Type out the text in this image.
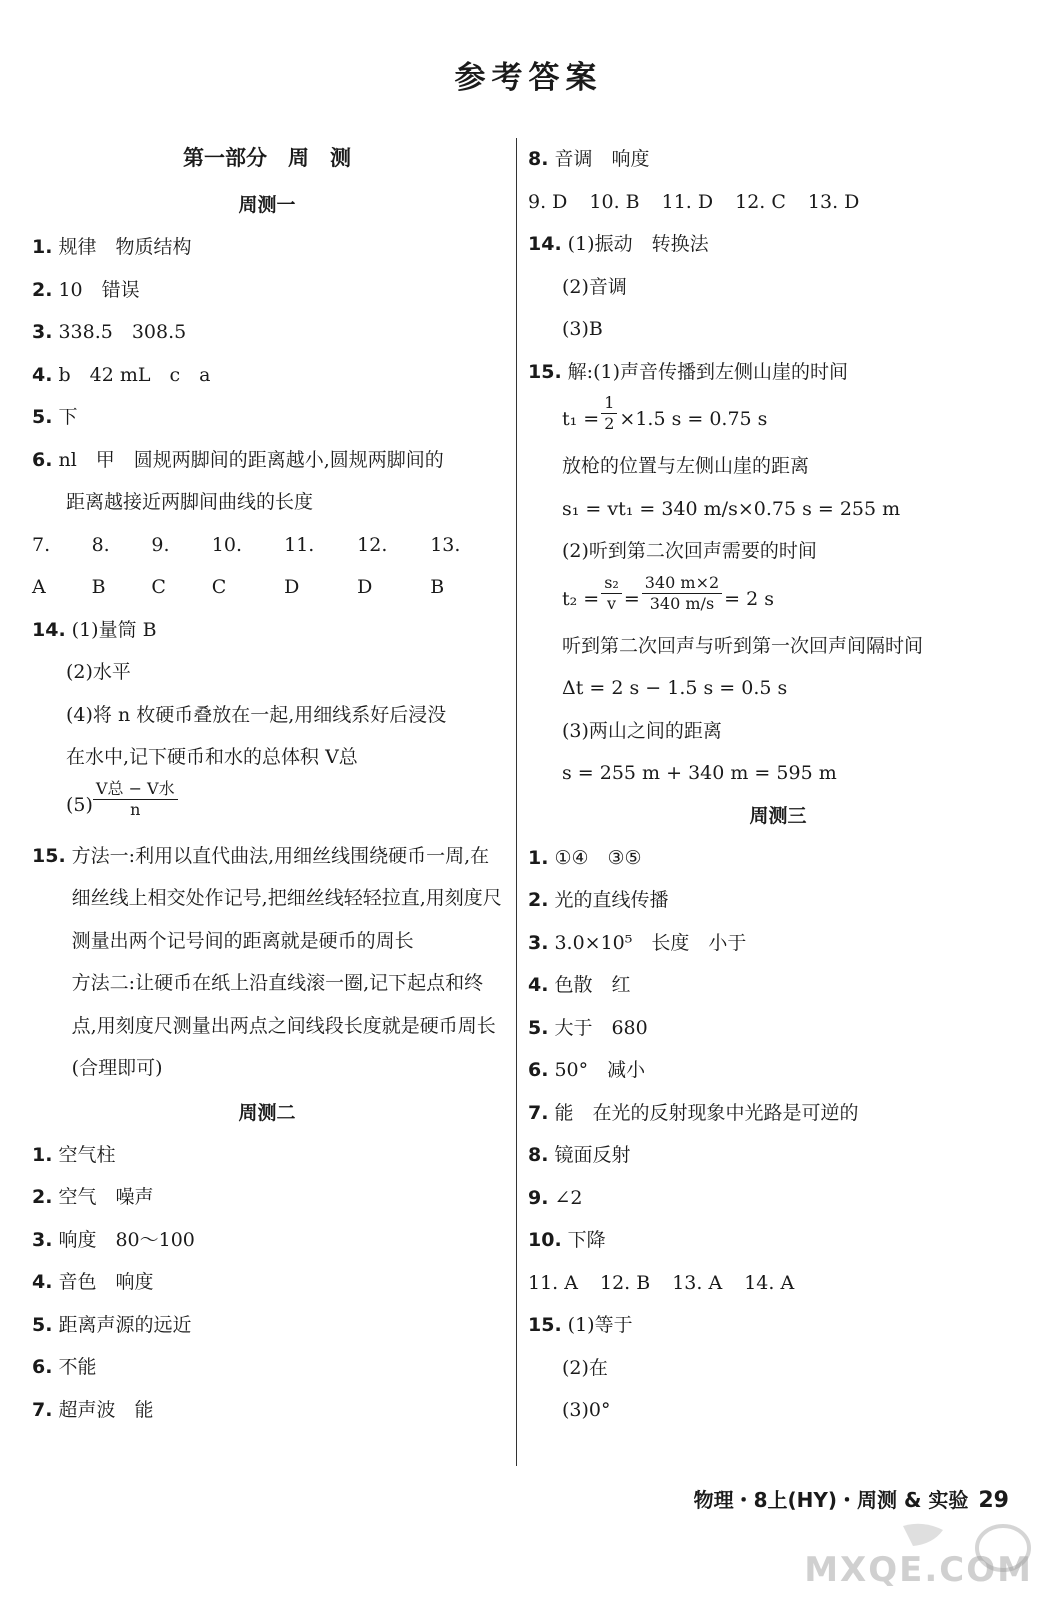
参考答案
第一部分　周　测
周测一
1. 规律　物质结构
2. 10　错误
3. 338.5　308.5
4. b　42 mL　c　a
5. 下
6. nl　甲　圆规两脚间的距离越小,圆规两脚间的
距离越接近两脚间曲线的长度
7. A
8. B
9. C
10. C
11. D
12. D
13. B
14. (1)量筒 B
(2)水平
(4)将 n 枚硬币叠放在一起,用细线系好后浸没
在水中,记下硬币和水的总体积 V总
$(5) \frac{\text{V总 − V水}}{n}$
15. 方法一:利用以直代曲法,用细丝线围绕硬币一周,在细丝线上相交处作记号,把细丝线轻轻拉直,用刻度尺测量出两个记号间的距离就是硬币的周长
方法二:让硬币在纸上沿直线滚一圈,记下起点和终点,用刻度尺测量出两点之间线段长度就是硬币周长(合理即可)
周测二
1. 空气柱
2. 空气　噪声
3. 响度　80～100
4. 音色　响度
5. 距离声源的远近
6. 不能
7. 超声波　能
8. 音调　响度
9. D 10. B 11. D 12. C 13. D
14. (1)振动　转换法
(2)音调
(3)B
15. 解:(1)声音传播到左侧山崖的时间
$t_1 = \frac{1}{2} \times 1.5$ s = 0.75 s
放枪的位置与左侧山崖的距离
s₁ = vt₁ = 340 m/s×0.75 s = 255 m
(2)听到第二次回声需要的时间
$t_2 = \frac{\text{s₂}}{v} = \frac{340 m\times 2}{340 m/s} = 2$ s
听到第二次回声与听到第一次回声间隔时间
Δt = 2 s − 1.5 s = 0.5 s
(3)两山之间的距离
s = 255 m + 340 m = 595 m
周测三
1. ①④　③⑤
2. 光的直线传播
3. 3.0×10⁵　长度　小于
4. 色散　红
5. 大于　680
6. 50°　减小
7. 能　在光的反射现象中光路是可逆的
8. 镜面反射
9. ∠2
10. 下降
11. A 12. B 13. A 14. A
15. (1)等于
(2)在
(3)0°
物理・8上(HY)・周测 & 实验 29
MXQE.COM
